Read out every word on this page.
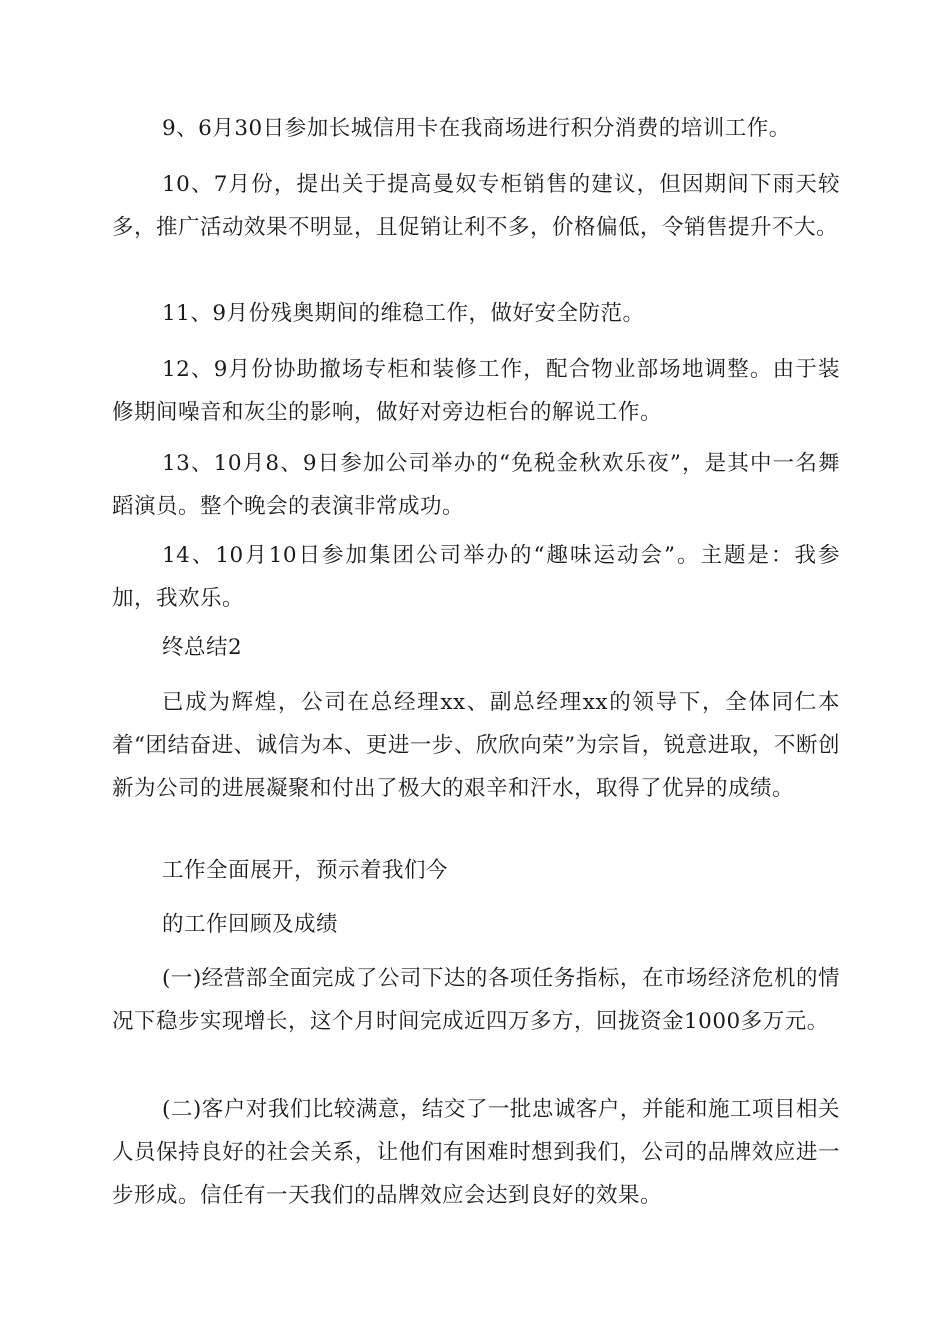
9、6月30日参加长城信用卡在我商场进行积分消费的培训工作。

10、7月份，提出关于提高曼奴专柜销售的建议，但因期间下雨天较多，推广活动效果不明显，且促销让利不多，价格偏低，令销售提升不大。

11、9月份残奥期间的维稳工作，做好安全防范。

12、9月份协助撤场专柜和装修工作，配合物业部场地调整。由于装修期间噪音和灰尘的影响，做好对旁边柜台的解说工作。

13、10月8、9日参加公司举办的“免税金秋欢乐夜”，是其中一名舞蹈演员。整个晚会的表演非常成功。

14、10月10日参加集团公司举办的“趣味运动会”。主题是：我参加，我欢乐。

终总结2

已成为辉煌，公司在总经理xx、副总经理xx的领导下，全体同仁本着“团结奋进、诚信为本、更进一步、欣欣向荣”为宗旨，锐意进取，不断创新为公司的进展凝聚和付出了极大的艰辛和汗水，取得了优异的成绩。

工作全面展开，预示着我们今

的工作回顾及成绩

(一)经营部全面完成了公司下达的各项任务指标，在市场经济危机的情况下稳步实现增长，这个月时间完成近四万多方，回拢资金1000多万元。

(二)客户对我们比较满意，结交了一批忠诚客户，并能和施工项目相关人员保持良好的社会关系，让他们有困难时想到我们，公司的品牌效应进一步形成。信任有一天我们的品牌效应会达到良好的效果。
